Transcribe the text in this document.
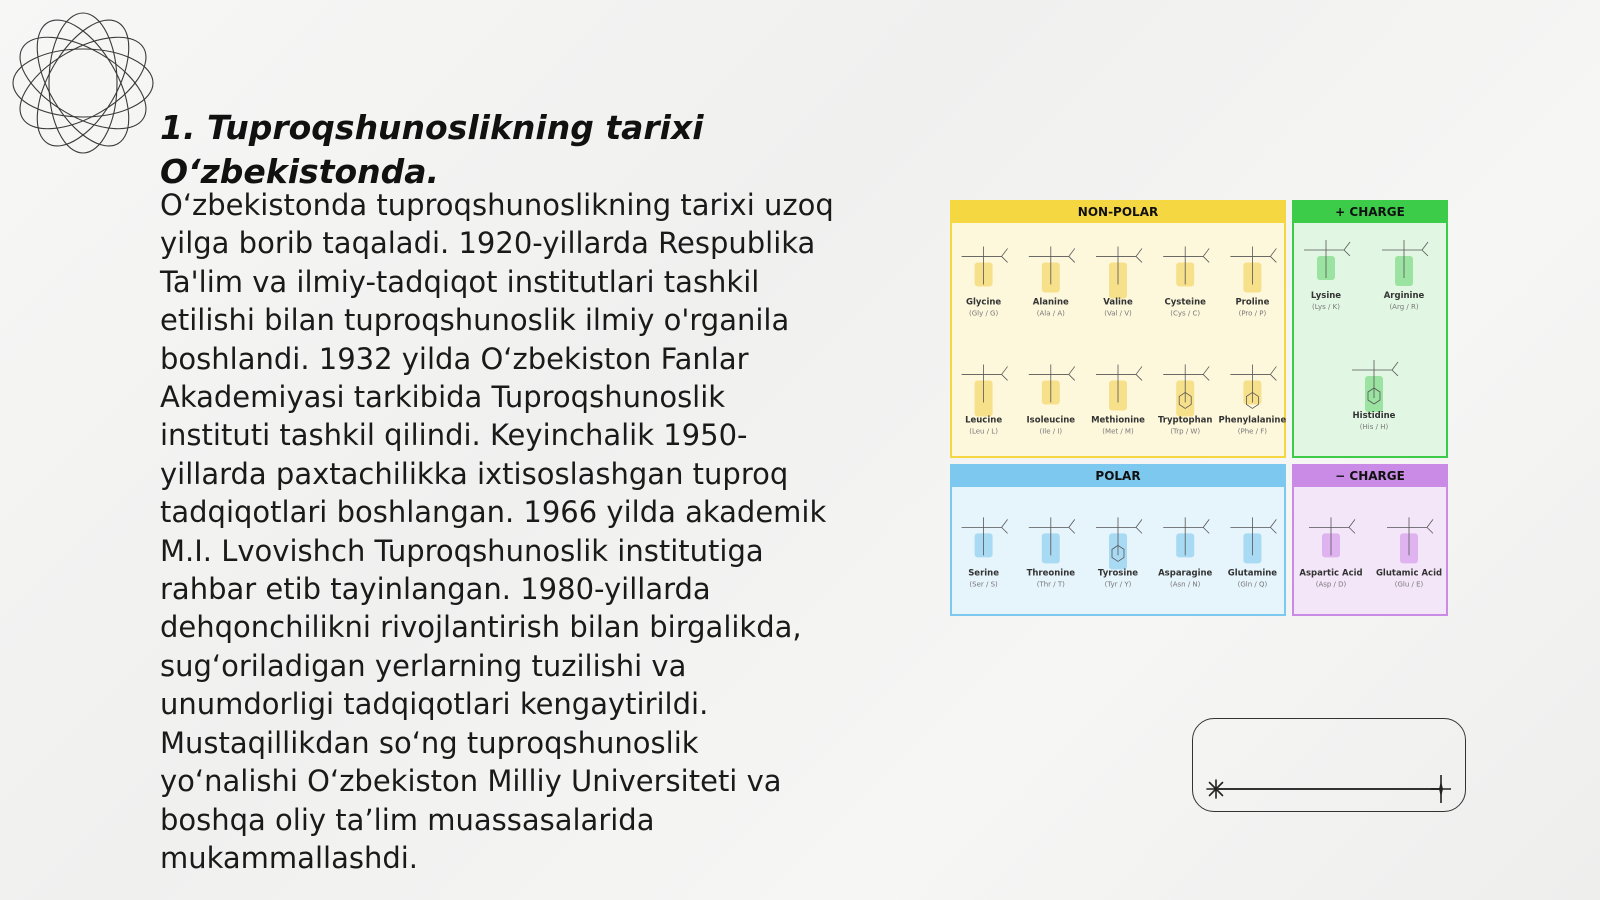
1. Tuproqshunoslikning tarixi O‘zbekistonda.

O‘zbekistonda tuproqshunoslikning tarixi uzoq yilga borib taqaladi. 1920-yillarda Respublika Ta'lim va ilmiy-tadqiqot institutlari tashkil etilishi bilan tuproqshunoslik ilmiy o'rganila boshlandi. 1932 yilda O‘zbekiston Fanlar Akademiyasi tarkibida Tuproqshunoslik instituti tashkil qilindi. Keyinchalik 1950-yillarda paxtachilikka ixtisoslashgan tuproq tadqiqotlari boshlangan. 1966 yilda akademik M.I. Lvovishch Tuproqshunoslik institutiga rahbar etib tayinlangan. 1980-yillarda dehqonchilikni rivojlantirish bilan birgalikda, sug‘oriladigan yerlarning tuzilishi va unumdorligi tadqiqotlari kengaytirildi. Mustaqillikdan so‘ng tuproqshunoslik yo‘nalishi O‘zbekiston Milliy Universiteti va boshqa oliy ta’lim muassasalarida mukammallashdi.

NON-POLAR
Glycine
(Gly / G)
Alanine
(Ala / A)
Valine
(Val / V)
Cysteine
(Cys / C)
Proline
(Pro / P)
Leucine
(Leu / L)
Isoleucine
(Ile / I)
Methionine
(Met / M)
Tryptophan
(Trp / W)
Phenylalanine
(Phe / F)
+ CHARGE
Lysine
(Lys / K)
Arginine
(Arg / R)
Histidine
(His / H)
POLAR
Serine
(Ser / S)
Threonine
(Thr / T)
Tyrosine
(Tyr / Y)
Asparagine
(Asn / N)
Glutamine
(Gln / Q)
− CHARGE
Aspartic Acid
(Asp / D)
Glutamic Acid
(Glu / E)
